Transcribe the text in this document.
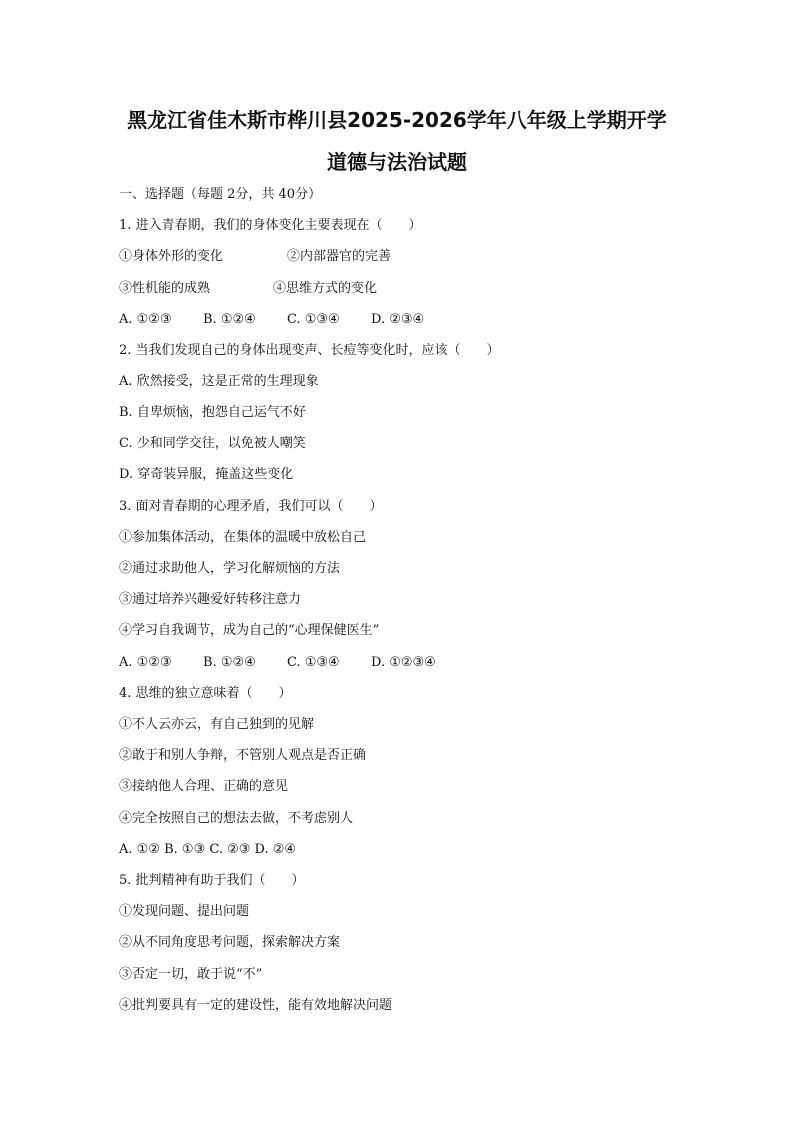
黑龙江省佳木斯市桦川县2025-2026学年八年级上学期开学
道德与法治试题

一、选择题（每题 2分，共 40分）

1. 进入青春期，我们的身体变化主要表现在（　　）

①身体外形的变化	②内部器官的完善

③性机能的成熟	④思维方式的变化

A. ①②③ B. ①②④ C. ①③④ D. ②③④

2. 当我们发现自己的身体出现变声、长痘等变化时，应该（　　）

A. 欣然接受，这是正常的生理现象

B. 自卑烦恼，抱怨自己运气不好

C. 少和同学交往，以免被人嘲笑

D. 穿奇装异服，掩盖这些变化

3. 面对青春期的心理矛盾，我们可以（　　）

①参加集体活动，在集体的温暖中放松自己

②通过求助他人，学习化解烦恼的方法

③通过培养兴趣爱好转移注意力

④学习自我调节，成为自己的“心理保健医生”

A. ①②③ B. ①②④ C. ①③④ D. ①②③④

4. 思维的独立意味着（　　）

①不人云亦云，有自己独到的见解

②敢于和别人争辩，不管别人观点是否正确

③接纳他人合理、正确的意见

④完全按照自己的想法去做，不考虑别人

A. ①② B. ①③ C. ②③ D. ②④

5. 批判精神有助于我们（　　）

①发现问题、提出问题

②从不同角度思考问题，探索解决方案

③否定一切，敢于说“不”

④批判要具有一定的建设性，能有效地解决问题
